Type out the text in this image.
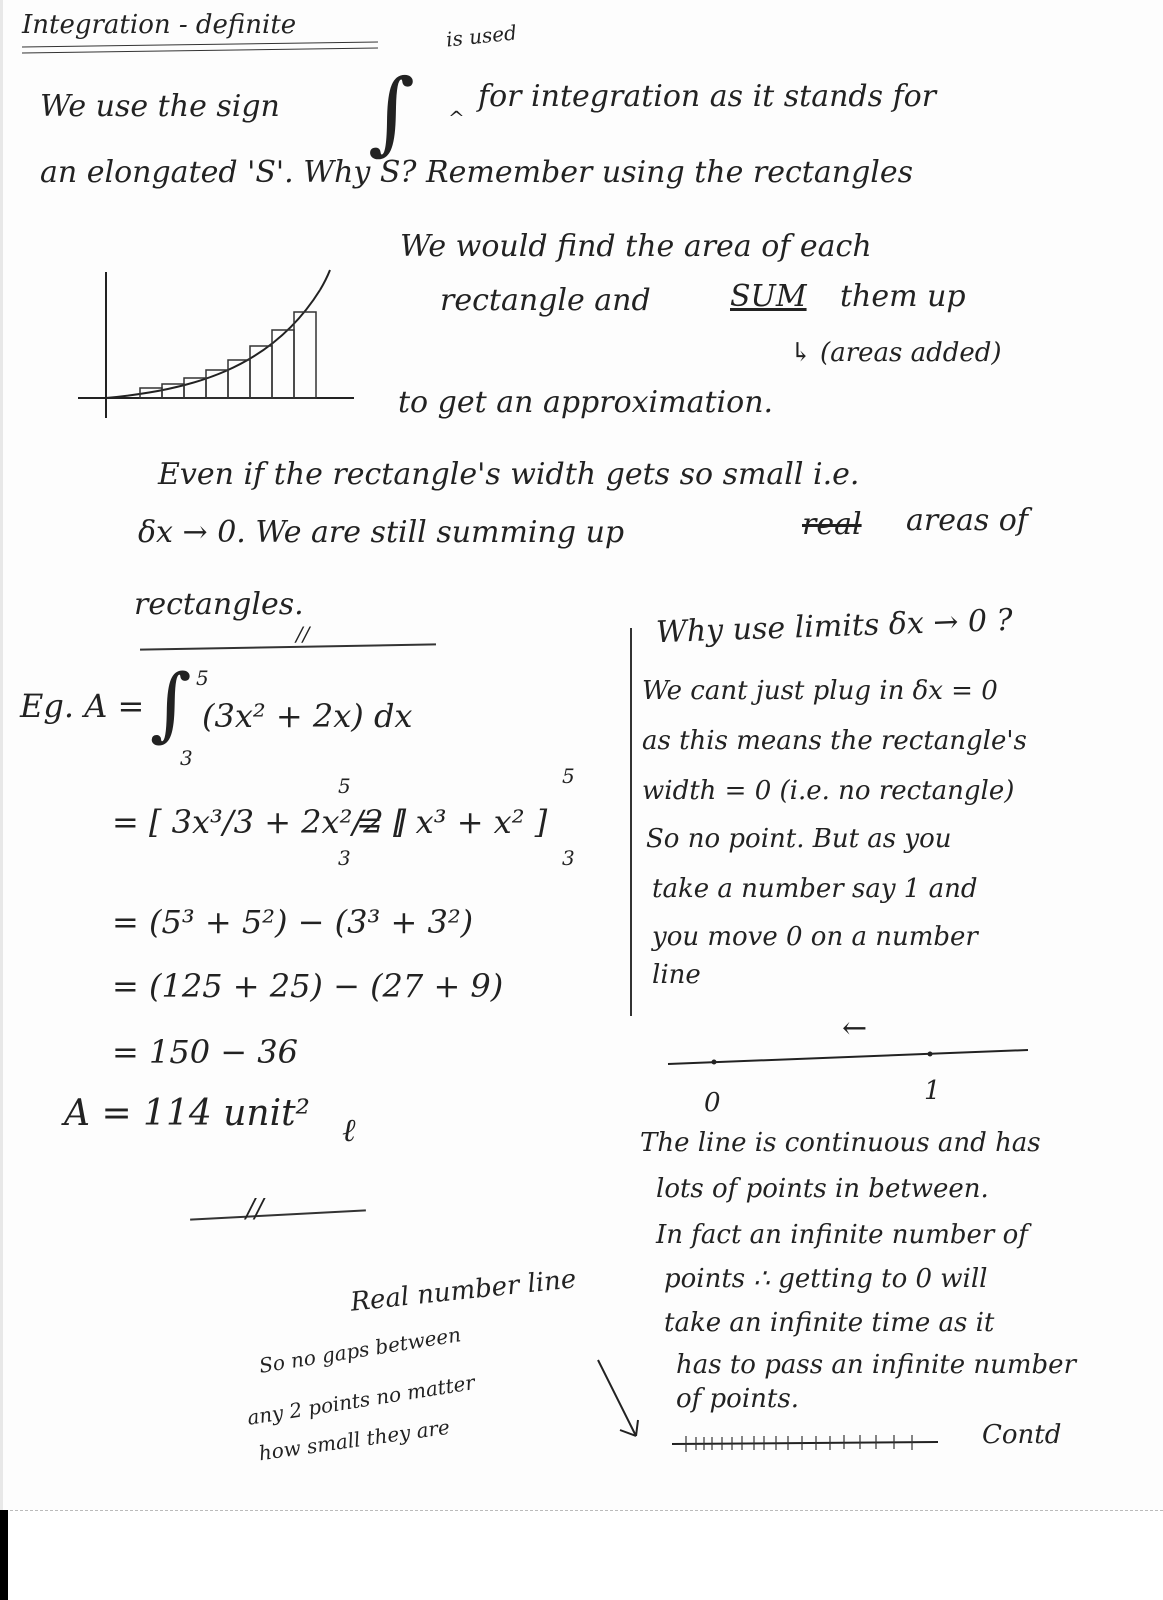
Integration - definite
We use the sign ∫
is used
^
for integration as it stands for
an elongated 'S'. Why S? Remember using the rectangles
We would find the area of each
rectangle and	SUM them up
↳ (areas added)
to get an approximation.
Even if the rectangle's width gets so small i.e.
δx → 0. We are still summing up	real areas of
rectangles.
//
Eg. A = ∫ 5
3
(3x² + 2x) dx
= [ 3x³/3 + 2x²/2 ]
5
3
= [ x³ + x² ]
5
3
= (5³ + 5²) − (3³ + 3²)
= (125 + 25) − (27 + 9)
= 150 − 36
A = 114 unit² ℓ
//
Why use limits δx → 0 ?
We cant just plug in δx = 0
as this means the rectangle's
width = 0 (i.e. no rectangle)
So no point. But as you
take a number say 1 and
you move 0 on a number
line
←
0	1
The line is continuous and has
lots of points in between.
In fact an infinite number of
points ∴ getting to 0 will
take an infinite time as it
has to pass an infinite number
of points.
Real number line
So no gaps between
any 2 points no matter
how small they are	Contd
